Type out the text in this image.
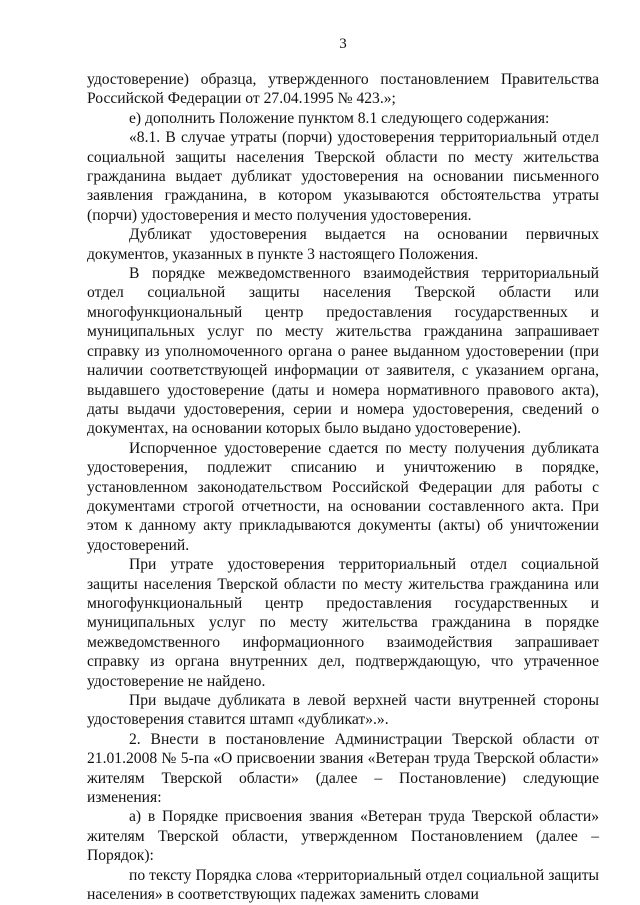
3

удостоверение) образца, утвержденного постановлением Правительства Российской Федерации от 27.04.1995 № 423.»;

е) дополнить Положение пунктом 8.1 следующего содержания:

«8.1. В случае утраты (порчи) удостоверения территориальный отдел социальной защиты населения Тверской области по месту жительства гражданина выдает дубликат удостоверения на основании письменного заявления гражданина, в котором указываются обстоятельства утраты (порчи) удостоверения и место получения удостоверения.

Дубликат удостоверения выдается на основании первичных документов, указанных в пункте 3 настоящего Положения.

В порядке межведомственного взаимодействия территориальный отдел социальной защиты населения Тверской области или многофункциональный центр предоставления государственных и муниципальных услуг по месту жительства гражданина запрашивает справку из уполномоченного органа о ранее выданном удостоверении (при наличии соответствующей информации от заявителя, с указанием органа, выдавшего удостоверение (даты и номера нормативного правового акта), даты выдачи удостоверения, серии и номера удостоверения, сведений о документах, на основании которых было выдано удостоверение).

Испорченное удостоверение сдается по месту получения дубликата удостоверения, подлежит списанию и уничтожению в порядке, установленном законодательством Российской Федерации для работы с документами строгой отчетности, на основании составленного акта. При этом к данному акту прикладываются документы (акты) об уничтожении удостоверений.

При утрате удостоверения территориальный отдел социальной защиты населения Тверской области по месту жительства гражданина или многофункциональный центр предоставления государственных и муниципальных услуг по месту жительства гражданина в порядке межведомственного информационного взаимодействия запрашивает справку из органа внутренних дел, подтверждающую, что утраченное удостоверение не найдено.

При выдаче дубликата в левой верхней части внутренней стороны удостоверения ставится штамп «дубликат».».

2. Внести в постановление Администрации Тверской области от 21.01.2008 № 5-па «О присвоении звания «Ветеран труда Тверской области» жителям Тверской области» (далее – Постановление) следующие изменения:

а) в Порядке присвоения звания «Ветеран труда Тверской области» жителям Тверской области, утвержденном Постановлением (далее – Порядок):

по тексту Порядка слова «территориальный отдел социальной защиты населения» в соответствующих падежах заменить словами
